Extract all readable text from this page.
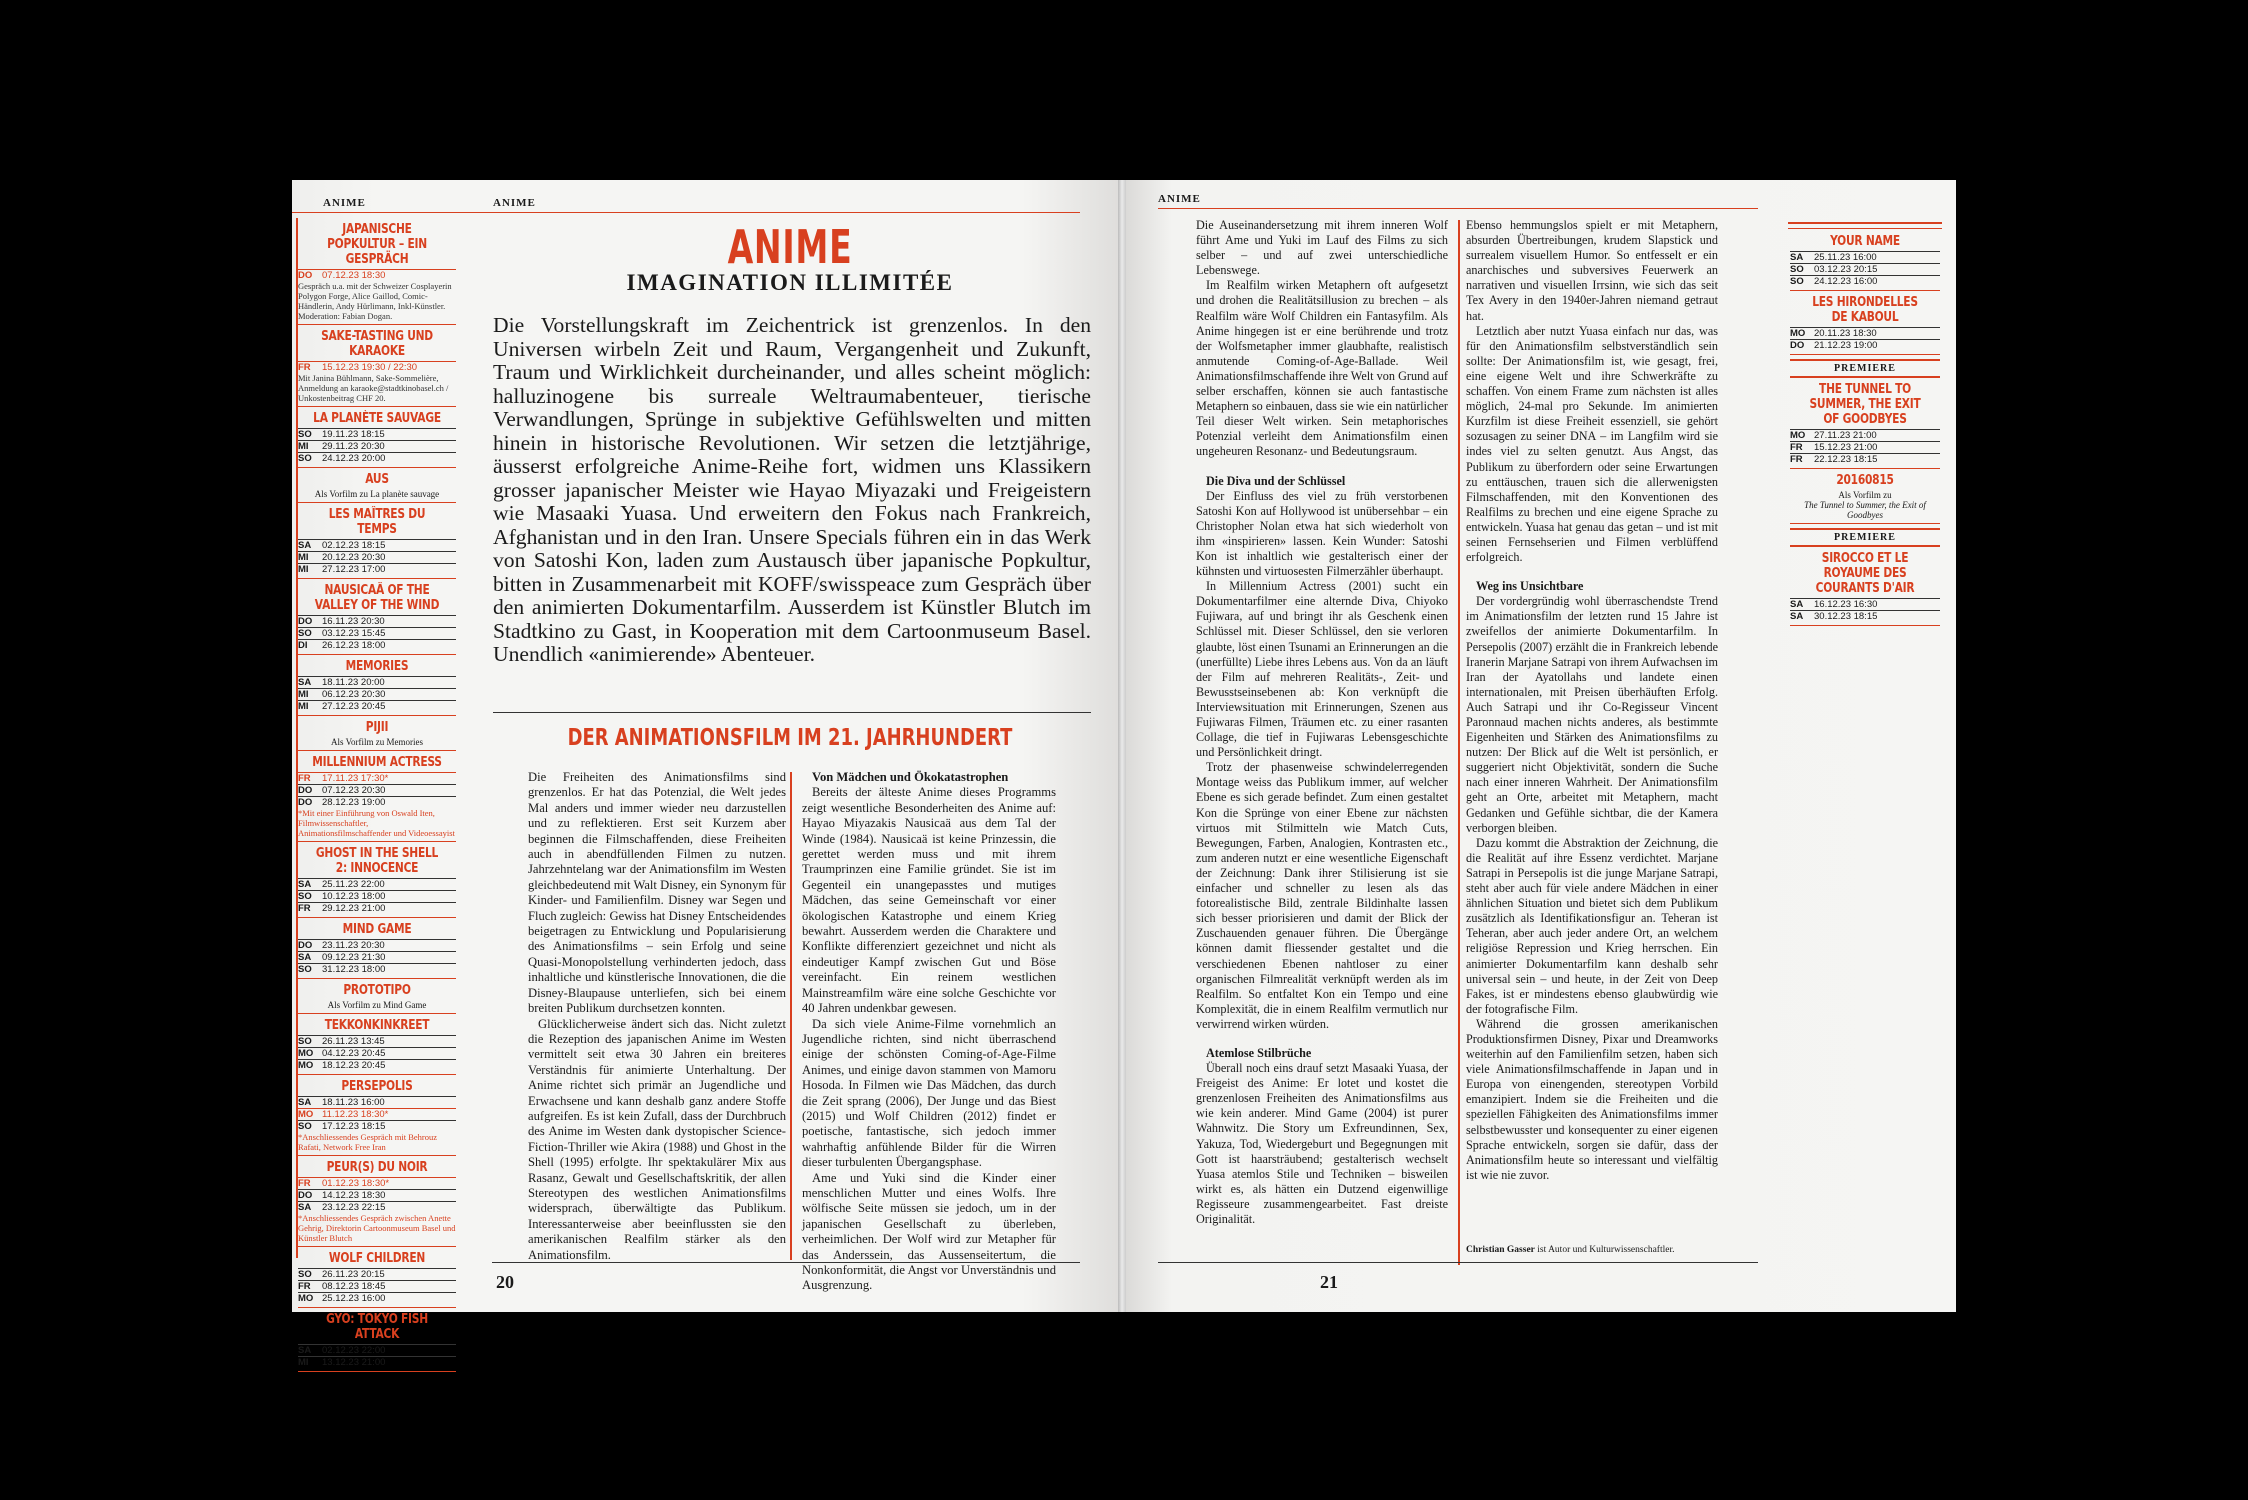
ANIME	ANIME
JAPANISCHE POPKULTUR – EIN GESPRÄCH
DO	07.12.23 18:30
Gespräch u.a. mit der Schweizer Cosplayerin Polygon Forge, Alice Gaillod, Comic-Händlerin, Andy Hürlimann, Inkl-Künstler. Moderation: Fabian Dogan.
SAKE-TASTING UND KARAOKE
FR	15.12.23 19:30 / 22:30
Mit Janina Bühlmann, Sake-Sommelière, Anmeldung an karaoke@stadtkinobasel.ch / Unkostenbeitrag CHF 20.
LA PLANÈTE SAUVAGE
SO	19.11.23 18:15
MI	29.11.23 20:30
SO	24.12.23 20:00
AUS
Als Vorfilm zu La planète sauvage
LES MAÎTRES DU TEMPS
SA	02.12.23 18:15
MI	20.12.23 20:30
MI	27.12.23 17:00
NAUSICAÄ OF THE VALLEY OF THE WIND
DO	16.11.23 20:30
SO	03.12.23 15:45
DI	26.12.23 18:00
MEMORIES
SA	18.11.23 20:00
MI	06.12.23 20:30
MI	27.12.23 20:45
PIJII
Als Vorfilm zu Memories
MILLENNIUM ACTRESS
FR	17.11.23 17:30*
DO	07.12.23 20:30
DO	28.12.23 19:00
*Mit einer Einführung von Oswald Iten, Filmwissenschaftler, Animationsfilmschaffender und Videoessayist
GHOST IN THE SHELL 2: INNOCENCE
SA	25.11.23 22:00
SO	10.12.23 18:00
FR	29.12.23 21:00
MIND GAME
DO	23.11.23 20:30
SA	09.12.23 21:30
SO	31.12.23 18:00
PROTOTIPO
Als Vorfilm zu Mind Game
TEKKONKINKREET
SO	26.11.23 13:45
MO 04.12.23 20:45
MO 18.12.23 20:45
PERSEPOLIS
SA	18.11.23 16:00
MO 11.12.23 18:30*
SO	17.12.23 18:15
*Anschliessendes Gespräch mit Behrouz Rafati, Network Free Iran
PEUR(S) DU NOIR
FR	01.12.23 18:30*
DO	14.12.23 18:30
SA	23.12.23 22:15
*Anschliessendes Gespräch zwischen Anette Gehrig, Direktorin Cartoonmuseum Basel und Künstler Blutch
WOLF CHILDREN
SO	26.11.23 20:15
FR	08.12.23 18:45
MO 25.12.23 16:00
GYO: TOKYO FISH ATTACK
SA	02.12.23 22:00
MI	13.12.23 21:00
ANIME
IMAGINATION ILLIMITÉE
Die Vorstellungskraft im Zeichentrick ist grenzenlos. In den Universen wirbeln Zeit und Raum, Vergangenheit und Zukunft, Traum und Wirklichkeit durcheinander, und alles scheint möglich: halluzinogene bis surreale Weltraumabenteuer, tierische Verwandlungen, Sprünge in subjektive Gefühlswelten und mitten hinein in historische Revolutionen. Wir setzen die letztjährige, äusserst erfolgreiche Anime-Reihe fort, widmen uns Klassikern grosser japanischer Meister wie Hayao Miyazaki und Freigeistern wie Masaaki Yuasa. Und erweitern den Fokus nach Frankreich, Afghanistan und in den Iran. Unsere Specials führen ein in das Werk von Satoshi Kon, laden zum Austausch über japanische Popkultur, bitten in Zusammenarbeit mit KOFF/swisspeace zum Gespräch über den animierten Dokumentarfilm. Ausserdem ist Künstler Blutch im Stadtkino zu Gast, in Kooperation mit dem Cartoonmuseum Basel. Unendlich «animierende» Abenteuer.
DER ANIMATIONSFILM IM 21. JAHRHUNDERT

Die Freiheiten des Animationsfilms sind grenzenlos. Er hat das Potenzial, die Welt jedes Mal anders und immer wieder neu darzustellen und zu reflektieren. Erst seit Kurzem aber beginnen die Filmschaffenden, diese Freiheiten auch in abendfüllenden Filmen zu nutzen. Jahrzehntelang war der Animationsfilm im Westen gleichbedeutend mit Walt Disney, ein Synonym für Kinder- und Familienfilm. Disney war Segen und Fluch zugleich: Gewiss hat Disney Entscheidendes beigetragen zu Entwicklung und Popularisierung des Animationsfilms – sein Erfolg und seine Quasi-Monopolstellung verhinderten jedoch, dass inhaltliche und künstlerische Innovationen, die die Disney-Blaupause unterliefen, sich bei einem breiten Publikum durchsetzen konnten.

Glücklicherweise ändert sich das. Nicht zuletzt die Rezeption des japanischen Anime im Westen vermittelt seit etwa 30 Jahren ein breiteres Verständnis für animierte Unterhaltung. Der Anime richtet sich primär an Jugendliche und Erwachsene und kann deshalb ganz andere Stoffe aufgreifen. Es ist kein Zufall, dass der Durchbruch des Anime im Westen dank dystopischer Science-Fiction-Thriller wie Akira (1988) und Ghost in the Shell (1995) erfolgte. Ihr spektakulärer Mix aus Rasanz, Gewalt und Gesellschaftskritik, der allen Stereotypen des westlichen Animationsfilms widersprach, überwältigte das Publikum. Interessanterweise aber beeinflussten sie den amerikanischen Realfilm stärker als den Animationsfilm.

Von Mädchen und Ökokatastrophen

Bereits der älteste Anime dieses Programms zeigt wesentliche Besonderheiten des Anime auf: Hayao Miyazakis Nausicaä aus dem Tal der Winde (1984). Nausicaä ist keine Prinzessin, die gerettet werden muss und mit ihrem Traumprinzen eine Familie gründet. Sie ist im Gegenteil ein unangepasstes und mutiges Mädchen, das seine Gemeinschaft vor einer ökologischen Katastrophe und einem Krieg bewahrt. Ausserdem werden die Charaktere und Konflikte differenziert gezeichnet und nicht als eindeutiger Kampf zwischen Gut und Böse vereinfacht. Ein reinem westlichen Mainstreamfilm wäre eine solche Geschichte vor 40 Jahren undenkbar gewesen.

Da sich viele Anime-Filme vornehmlich an Jugendliche richten, sind nicht überraschend einige der schönsten Coming-of-Age-Filme Animes, und einige davon stammen von Mamoru Hosoda. In Filmen wie Das Mädchen, das durch die Zeit sprang (2006), Der Junge und das Biest (2015) und Wolf Children (2012) findet er poetische, fantastische, sich jedoch immer wahrhaftig anfühlende Bilder für die Wirren dieser turbulenten Übergangsphase.

Ame und Yuki sind die Kinder einer menschlichen Mutter und eines Wolfs. Ihre wölfische Seite müssen sie jedoch, um in der japanischen Gesellschaft zu überleben, verheimlichen. Der Wolf wird zur Metapher für das Anderssein, das Aussenseitertum, die Nonkonformität, die Angst vor Unverständnis und Ausgrenzung.

20
ANIME

Die Auseinandersetzung mit ihrem inneren Wolf führt Ame und Yuki im Lauf des Films zu sich selber – und auf zwei unterschiedliche Lebenswege.

Im Realfilm wirken Metaphern oft aufgesetzt und drohen die Realitätsillusion zu brechen – als Realfilm wäre Wolf Children ein Fantasyfilm. Als Anime hingegen ist er eine berührende und trotz der Wolfsmetapher immer glaubhafte, realistisch anmutende Coming-of-Age-Ballade. Weil Animationsfilmschaffende ihre Welt von Grund auf selber erschaffen, können sie auch fantastische Metaphern so einbauen, dass sie wie ein natürlicher Teil dieser Welt wirken. Sein metaphorisches Potenzial verleiht dem Animationsfilm einen ungeheuren Resonanz- und Bedeutungsraum.

Die Diva und der Schlüssel

Der Einfluss des viel zu früh verstorbenen Satoshi Kon auf Hollywood ist unübersehbar – ein Christopher Nolan etwa hat sich wiederholt von ihm «inspirieren» lassen. Kein Wunder: Satoshi Kon ist inhaltlich wie gestalterisch einer der kühnsten und virtuosesten Filmerzähler überhaupt.

In Millennium Actress (2001) sucht ein Dokumentarfilmer eine alternde Diva, Chiyoko Fujiwara, auf und bringt ihr als Geschenk einen Schlüssel mit. Dieser Schlüssel, den sie verloren glaubte, löst einen Tsunami an Erinnerungen an die (unerfüllte) Liebe ihres Lebens aus. Von da an läuft der Film auf mehreren Realitäts-, Zeit- und Bewusstseinsebenen ab: Kon verknüpft die Interviewsituation mit Erinnerungen, Szenen aus Fujiwaras Filmen, Träumen etc. zu einer rasanten Collage, die tief in Fujiwaras Lebensgeschichte und Persönlichkeit dringt.

Trotz der phasenweise schwindelerregenden Montage weiss das Publikum immer, auf welcher Ebene es sich gerade befindet. Zum einen gestaltet Kon die Sprünge von einer Ebene zur nächsten virtuos mit Stilmitteln wie Match Cuts, Bewegungen, Farben, Analogien, Kontrasten etc., zum anderen nutzt er eine wesentliche Eigenschaft der Zeichnung: Dank ihrer Stilisierung ist sie einfacher und schneller zu lesen als das fotorealistische Bild, zentrale Bildinhalte lassen sich besser priorisieren und damit der Blick der Zuschauenden genauer führen. Die Übergänge können damit fliessender gestaltet und die verschiedenen Ebenen nahtloser zu einer organischen Filmrealität verknüpft werden als im Realfilm. So entfaltet Kon ein Tempo und eine Komplexität, die in einem Realfilm vermutlich nur verwirrend wirken würden.

Atemlose Stilbrüche

Überall noch eins drauf setzt Masaaki Yuasa, der Freigeist des Anime: Er lotet und kostet die grenzenlosen Freiheiten des Animationsfilms aus wie kein anderer. Mind Game (2004) ist purer Wahnwitz. Die Story um Exfreundinnen, Sex, Yakuza, Tod, Wiedergeburt und Begegnungen mit Gott ist haarsträubend; gestalterisch wechselt Yuasa atemlos Stile und Techniken – bisweilen wirkt es, als hätten ein Dutzend eigenwillige Regisseure zusammengearbeitet. Fast dreiste Originalität.

Ebenso hemmungslos spielt er mit Metaphern, absurden Übertreibungen, krudem Slapstick und surrealem visuellem Humor. So entfesselt er ein anarchisches und subversives Feuerwerk an narrativen und visuellen Irrsinn, wie sich das seit Tex Avery in den 1940er-Jahren niemand getraut hat.

Letztlich aber nutzt Yuasa einfach nur das, was für den Animationsfilm selbstverständlich sein sollte: Der Animationsfilm ist, wie gesagt, frei, eine eigene Welt und ihre Schwerkräfte zu schaffen. Von einem Frame zum nächsten ist alles möglich, 24-mal pro Sekunde. Im animierten Kurzfilm ist diese Freiheit essenziell, sie gehört sozusagen zu seiner DNA – im Langfilm wird sie indes viel zu selten genutzt. Aus Angst, das Publikum zu überfordern oder seine Erwartungen zu enttäuschen, trauen sich die allerwenigsten Filmschaffenden, mit den Konventionen des Realfilms zu brechen und eine eigene Sprache zu entwickeln. Yuasa hat genau das getan – und ist mit seinen Fernsehserien und Filmen verblüffend erfolgreich.

Weg ins Unsichtbare

Der vordergründig wohl überraschendste Trend im Animationsfilm der letzten rund 15 Jahre ist zweifellos der animierte Dokumentarfilm. In Persepolis (2007) erzählt die in Frankreich lebende Iranerin Marjane Satrapi von ihrem Aufwachsen im Iran der Ayatollahs und landete einen internationalen, mit Preisen überhäuften Erfolg. Auch Satrapi und ihr Co-Regisseur Vincent Paronnaud machen nichts anderes, als bestimmte Eigenheiten und Stärken des Animationsfilms zu nutzen: Der Blick auf die Welt ist persönlich, er suggeriert nicht Objektivität, sondern die Suche nach einer inneren Wahrheit. Der Animationsfilm geht an Orte, arbeitet mit Metaphern, macht Gedanken und Gefühle sichtbar, die der Kamera verborgen bleiben.

Dazu kommt die Abstraktion der Zeichnung, die die Realität auf ihre Essenz verdichtet. Marjane Satrapi in Persepolis ist die junge Marjane Satrapi, steht aber auch für viele andere Mädchen in einer ähnlichen Situation und bietet sich dem Publikum zusätzlich als Identifikationsfigur an. Teheran ist Teheran, aber auch jeder andere Ort, an welchem religiöse Repression und Krieg herrschen. Ein animierter Dokumentarfilm kann deshalb sehr universal sein – und heute, in der Zeit von Deep Fakes, ist er mindestens ebenso glaubwürdig wie der fotografische Film.

Während die grossen amerikanischen Produktionsfirmen Disney, Pixar und Dreamworks weiterhin auf den Familienfilm setzen, haben sich viele Animationsfilmschaffende in Japan und in Europa von einengenden, stereotypen Vorbild emanzipiert. Indem sie die Freiheiten und die speziellen Fähigkeiten des Animationsfilms immer selbstbewusster und konsequenter zu einer eigenen Sprache entwickeln, sorgen sie dafür, dass der Animationsfilm heute so interessant und vielfältig ist wie nie zuvor.

Christian Gasser ist Autor und Kulturwissenschaftler.
21
YOUR NAME
SA	25.11.23 16:00
SO	03.12.23 20:15
SO	24.12.23 16:00
LES HIRONDELLES DE KABOUL
MO 20.11.23 18:30
DO	21.12.23 19:00
PREMIERE
THE TUNNEL TO SUMMER, THE EXIT OF GOODBYES
MO 27.11.23 21:00
FR	15.12.23 21:00
FR	22.12.23 18:15
20160815
Als Vorfilm zu
The Tunnel to Summer, the Exit of Goodbyes
PREMIERE
SIROCCO ET LE ROYAUME DES COURANTS D'AIR
SA	16.12.23 16:30
SA	30.12.23 18:15
